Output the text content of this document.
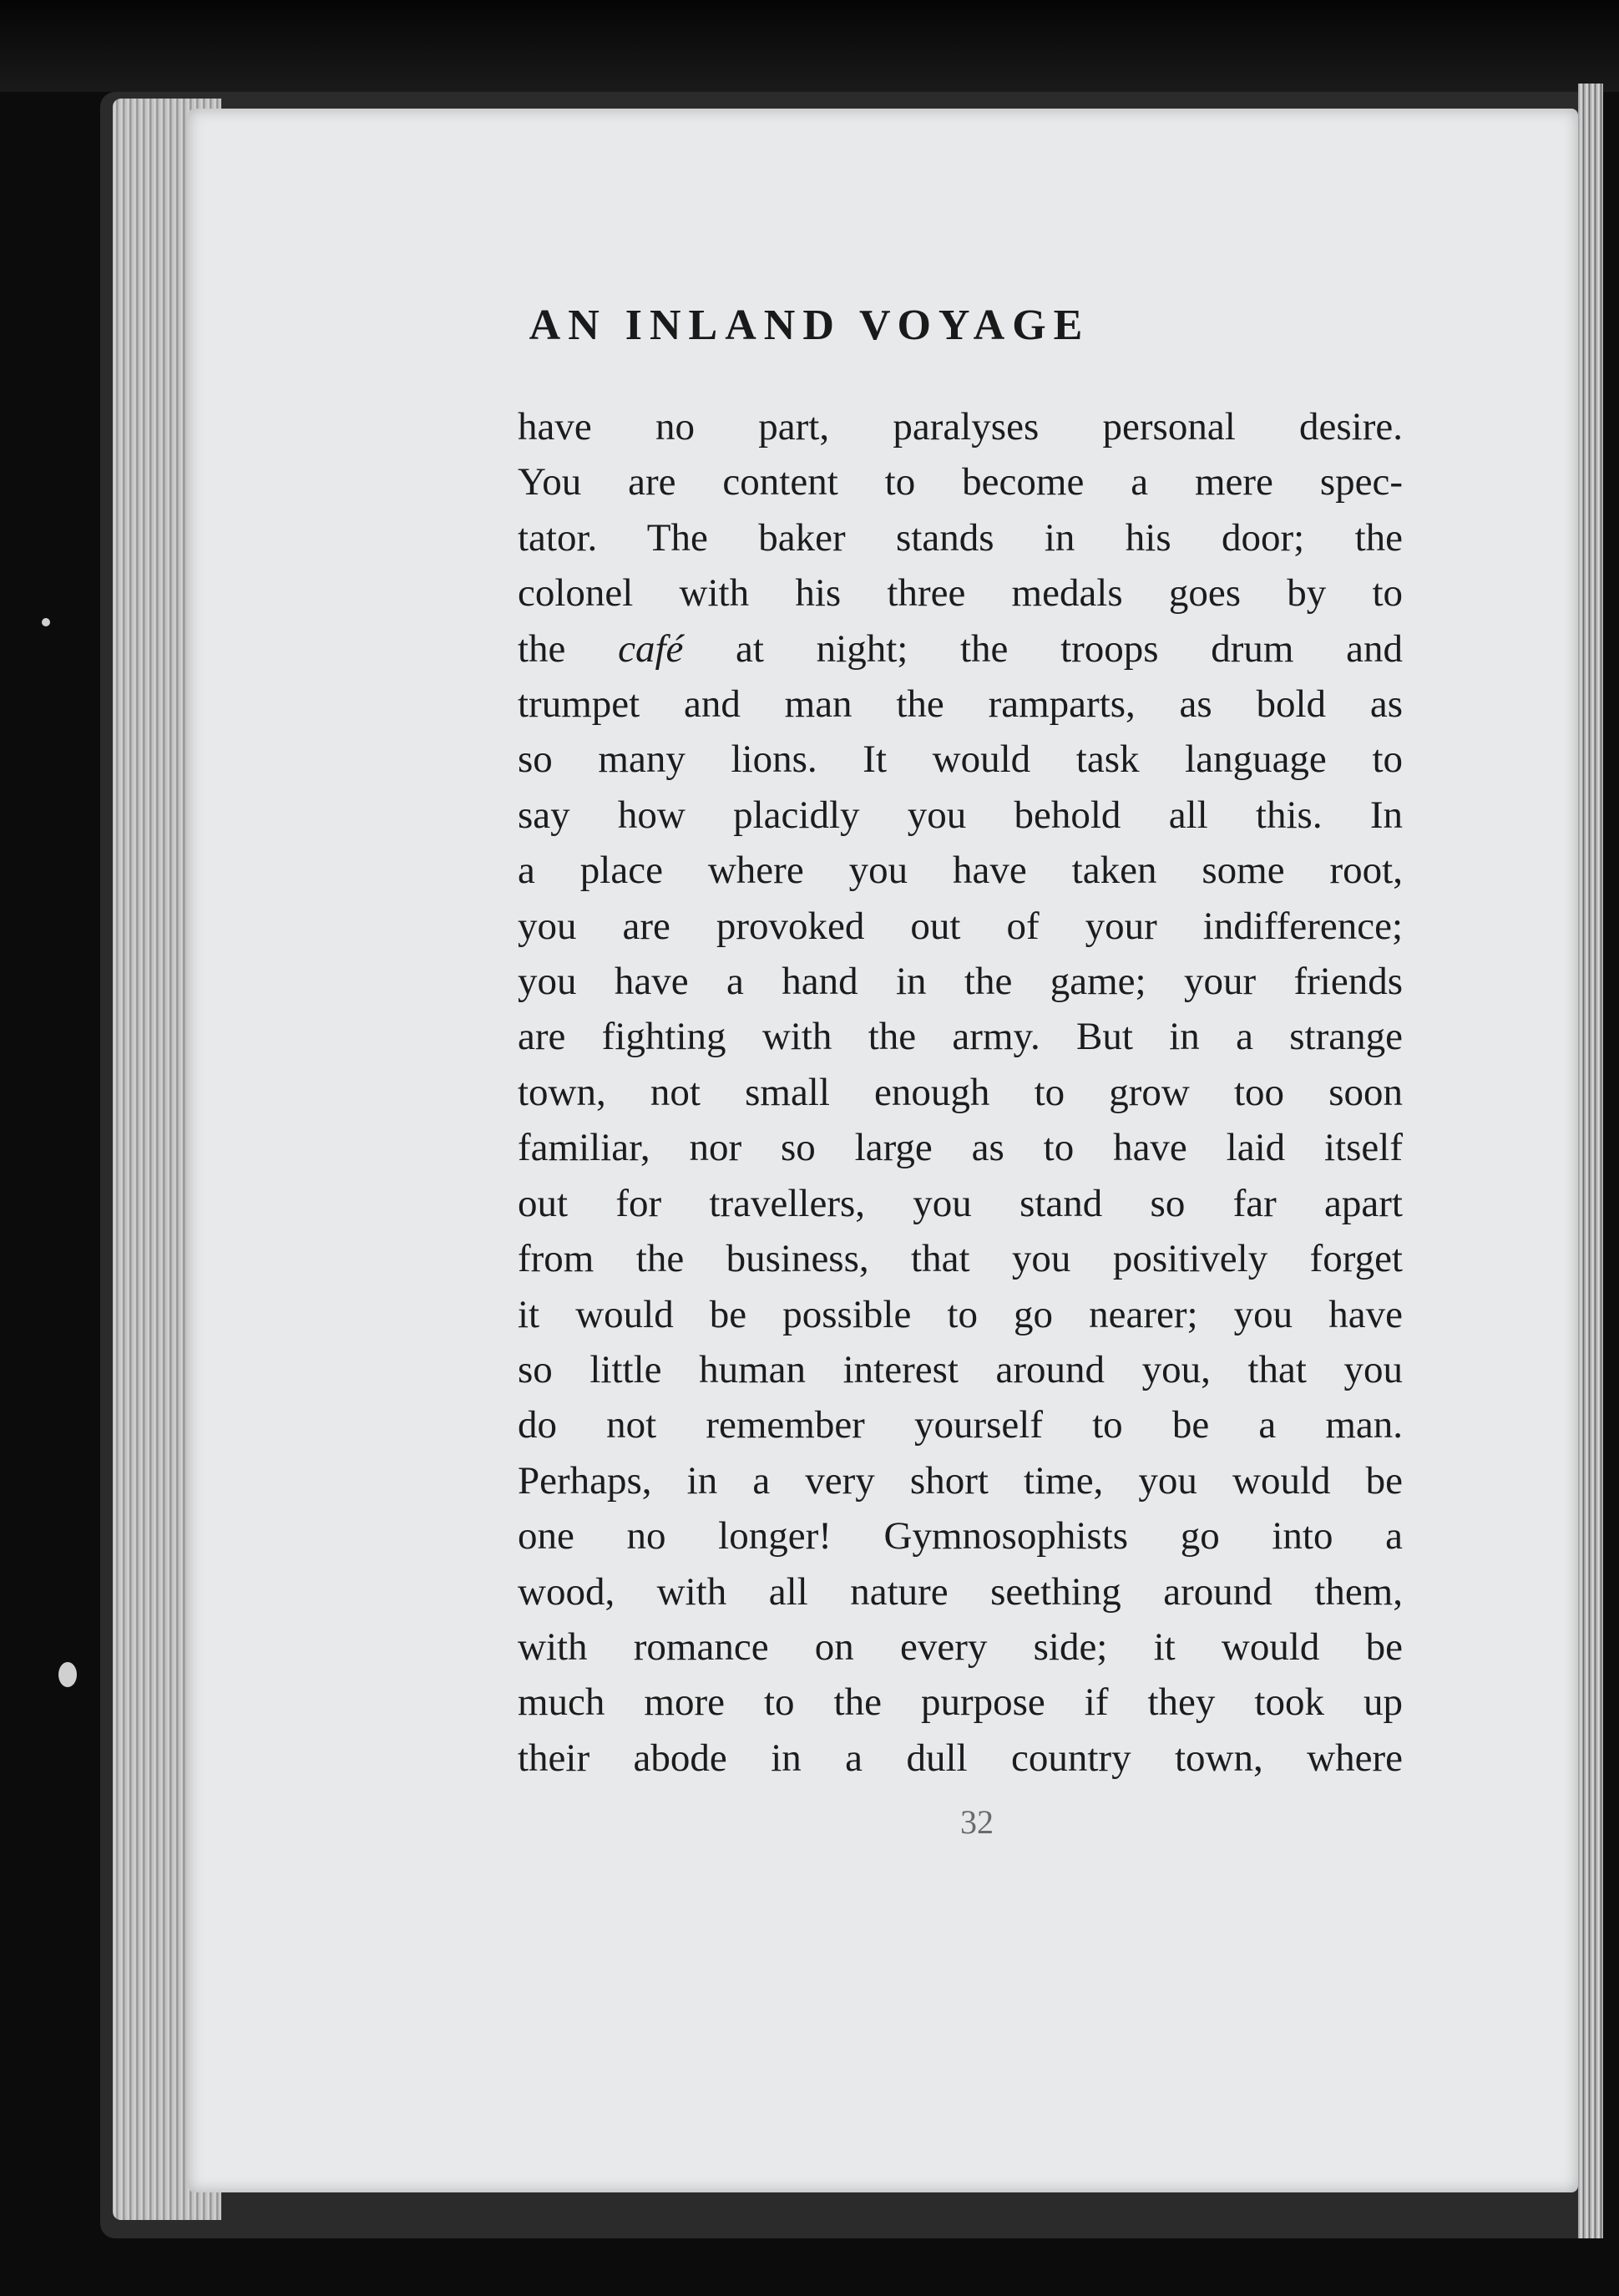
AN INLAND VOYAGE
have no part, paralyses personal desire.
You are content to become a mere spec-
tator. The baker stands in his door; the
colonel with his three medals goes by to
the café at night; the troops drum and
trumpet and man the ramparts, as bold as
so many lions. It would task language to
say how placidly you behold all this. In
a place where you have taken some root,
you are provoked out of your indifference;
you have a hand in the game; your friends
are fighting with the army. But in a strange
town, not small enough to grow too soon
familiar, nor so large as to have laid itself
out for travellers, you stand so far apart
from the business, that you positively forget
it would be possible to go nearer; you have
so little human interest around you, that you
do not remember yourself to be a man.
Perhaps, in a very short time, you would be
one no longer! Gymnosophists go into a
wood, with all nature seething around them,
with romance on every side; it would be
much more to the purpose if they took up
their abode in a dull country town, where
32
